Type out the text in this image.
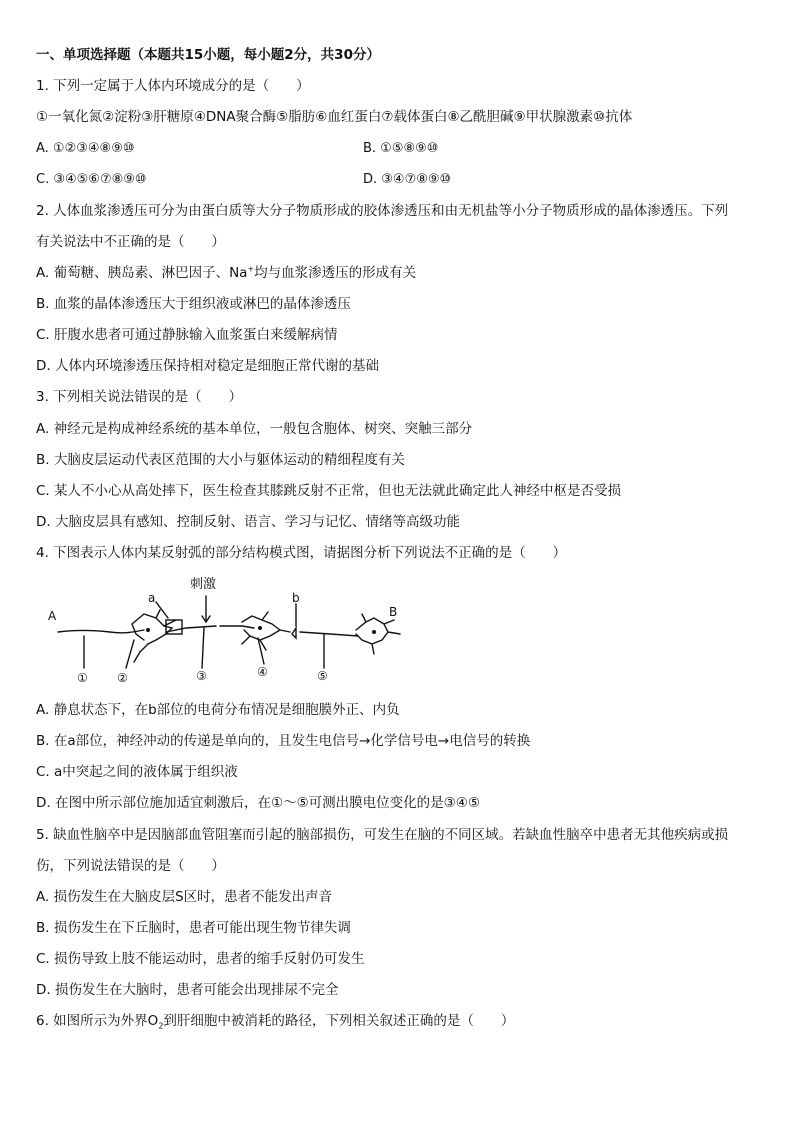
一、单项选择题（本题共15小题，每小题2分，共30分）
1. 下列一定属于人体内环境成分的是（　　）
①一氧化氮②淀粉③肝糖原④DNA聚合酶⑤脂肪⑥血红蛋白⑦载体蛋白⑧乙酰胆碱⑨甲状腺激素⑩抗体
A. ①②③④⑧⑨⑩	B. ①⑤⑧⑨⑩
C. ③④⑤⑥⑦⑧⑨⑩	D. ③④⑦⑧⑨⑩
2. 人体血浆渗透压可分为由蛋白质等大分子物质形成的胶体渗透压和由无机盐等小分子物质形成的晶体渗透压。下列
有关说法中不正确的是（　　）
A. 葡萄糖、胰岛素、淋巴因子、Na+均与血浆渗透压的形成有关
B. 血浆的晶体渗透压大于组织液或淋巴的晶体渗透压
C. 肝腹水患者可通过静脉输入血浆蛋白来缓解病情
D. 人体内环境渗透压保持相对稳定是细胞正常代谢的基础
3. 下列相关说法错误的是（　　）
A. 神经元是构成神经系统的基本单位，一般包含胞体、树突、突触三部分
B. 大脑皮层运动代表区范围的大小与躯体运动的精细程度有关
C. 某人不小心从高处摔下，医生检查其膝跳反射不正常，但也无法就此确定此人神经中枢是否受损
D. 大脑皮层具有感知、控制反射、语言、学习与记忆、情绪等高级功能
4. 下图表示人体内某反射弧的部分结构模式图，请据图分析下列说法不正确的是（　　）
A	B
a	b
刺激
① ②	③	④	⑤
A. 静息状态下，在b部位的电荷分布情况是细胞膜外正、内负
B. 在a部位，神经冲动的传递是单向的，且发生电信号→化学信号电→电信号的转换
C. a中突起之间的液体属于组织液
D. 在图中所示部位施加适宜刺激后，在①～⑤可测出膜电位变化的是③④⑤
5. 缺血性脑卒中是因脑部血管阻塞而引起的脑部损伤，可发生在脑的不同区域。若缺血性脑卒中患者无其他疾病或损
伤，下列说法错误的是（　　）
A. 损伤发生在大脑皮层S区时，患者不能发出声音
B. 损伤发生在下丘脑时，患者可能出现生物节律失调
C. 损伤导致上肢不能运动时，患者的缩手反射仍可发生
D. 损伤发生在大脑时，患者可能会出现排尿不完全
6. 如图所示为外界$O_2$到肝细胞中被消耗的路径，下列相关叙述正确的是（　　）
